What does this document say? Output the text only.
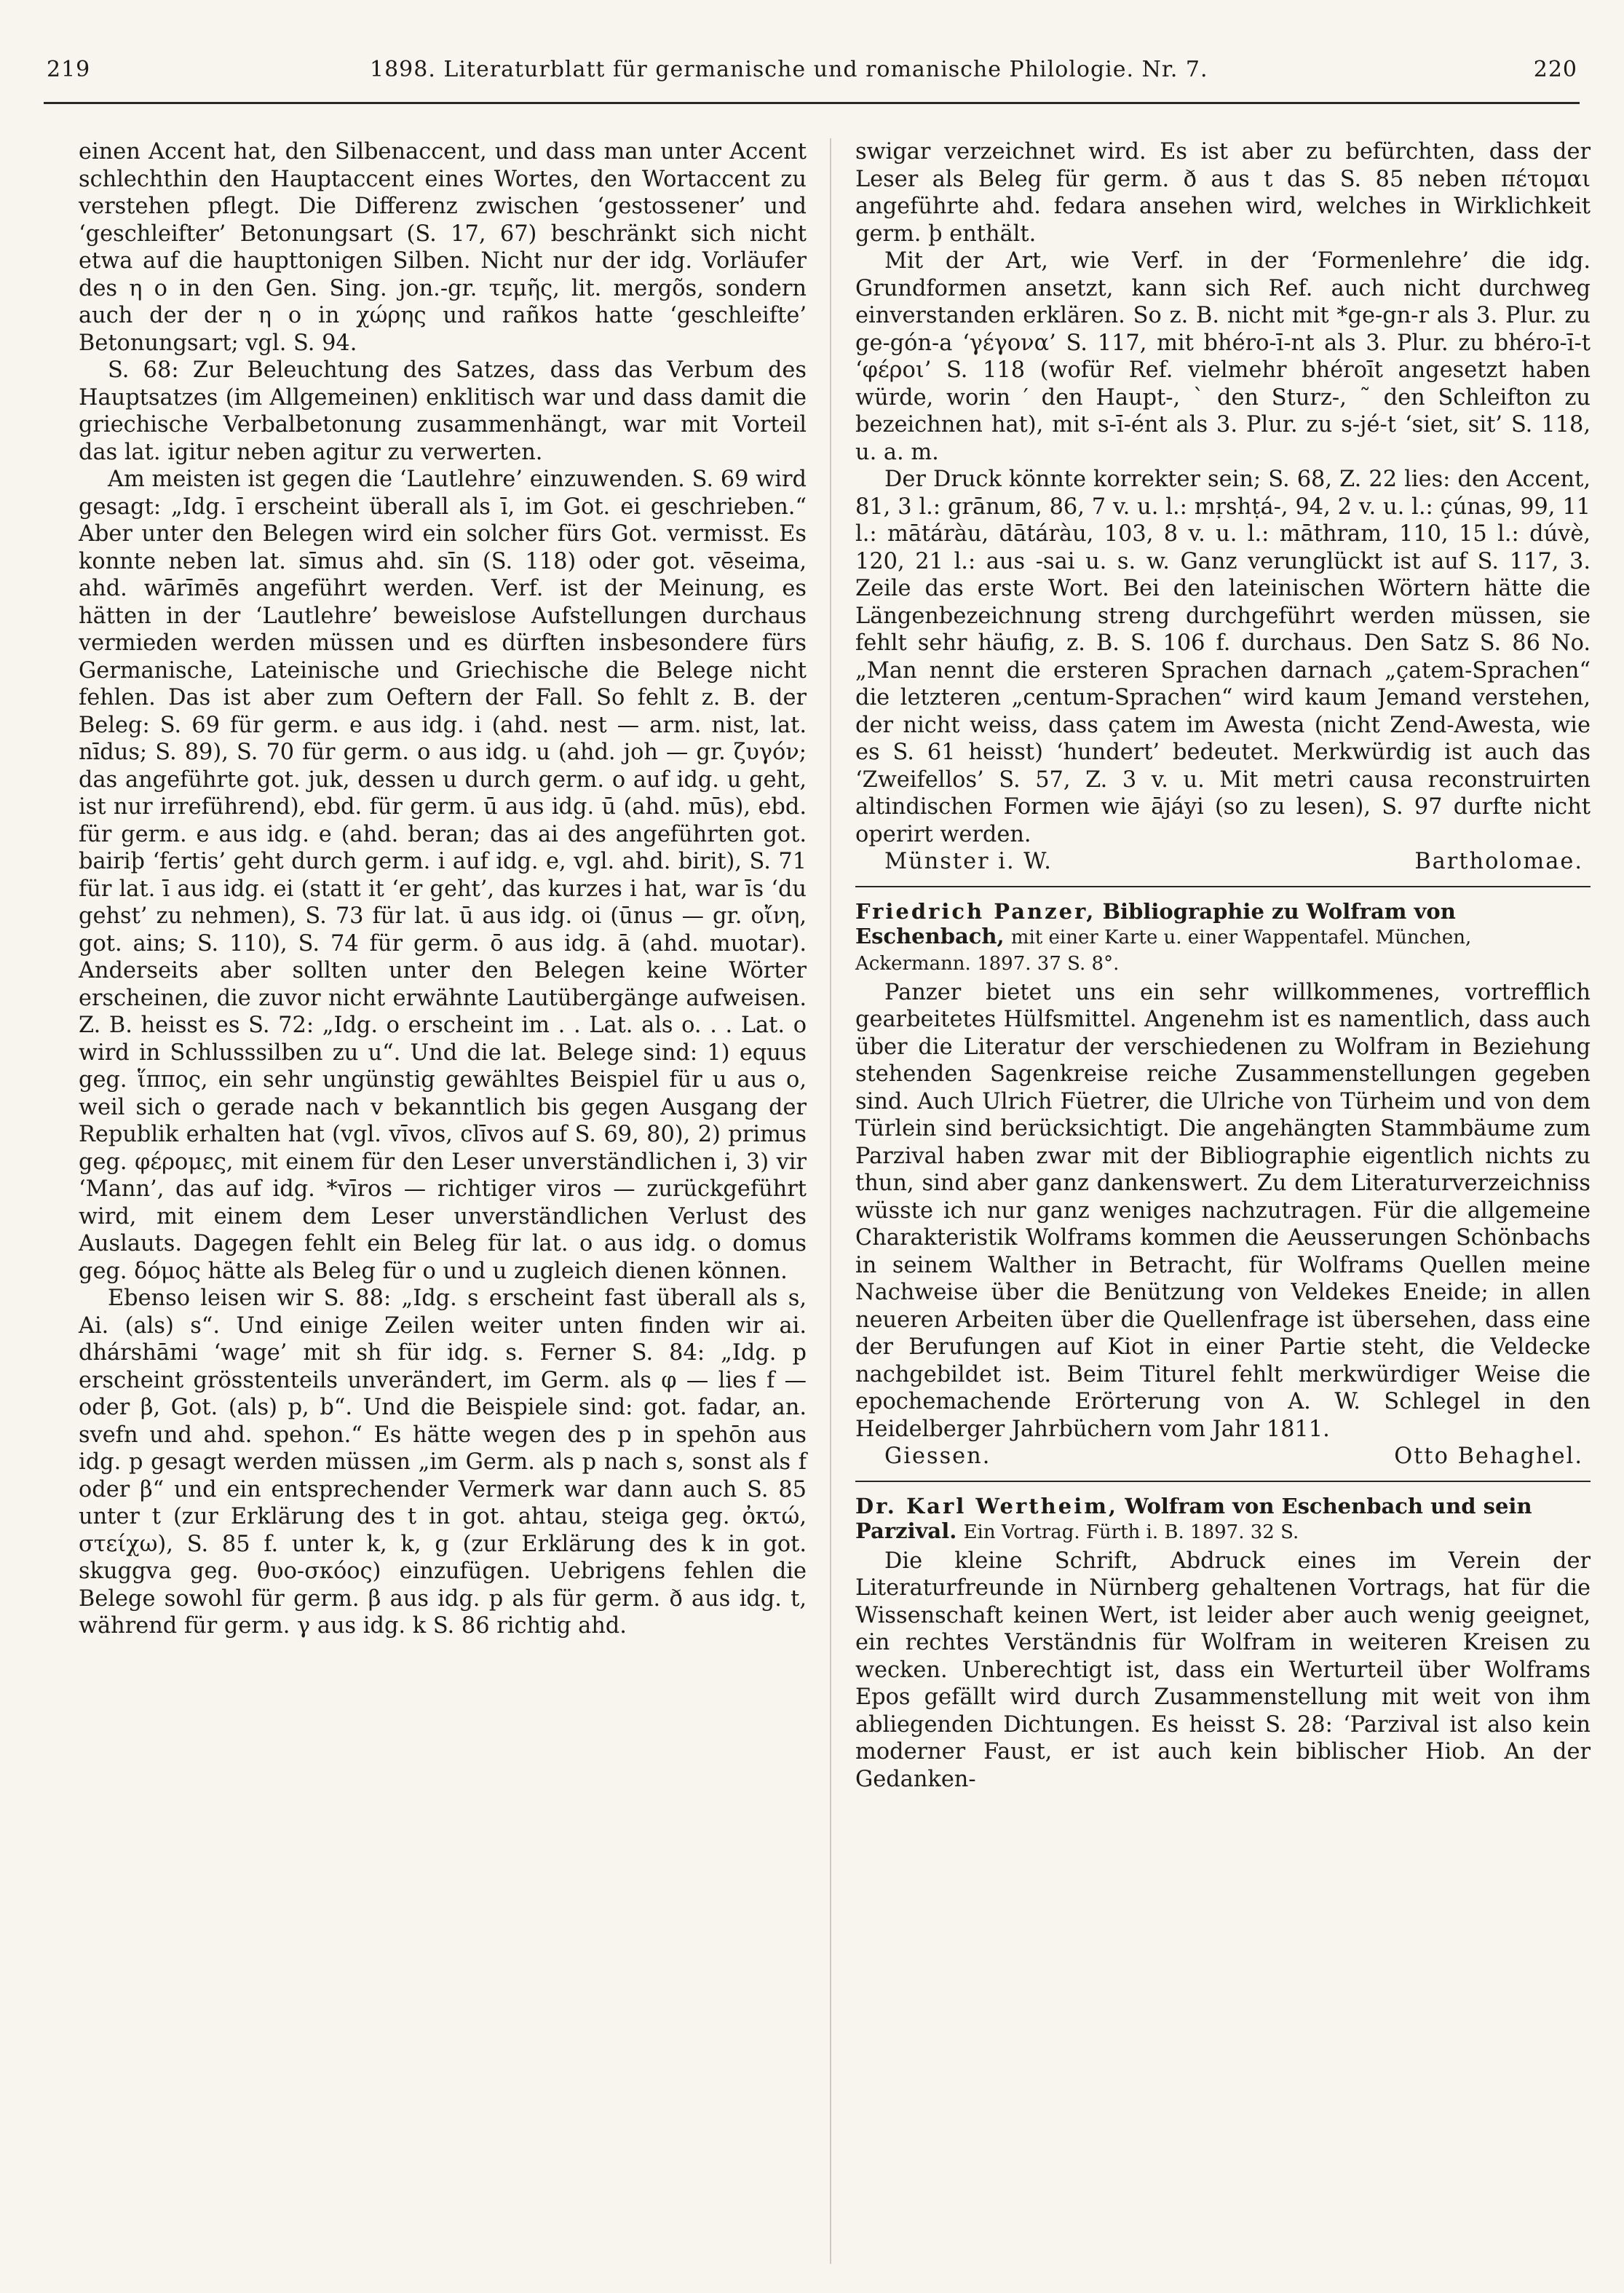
219	1898. Literaturblatt für germanische und romanische Philologie. Nr. 7.	220

einen Accent hat, den Silbenaccent, und dass man unter Accent schlechthin den Hauptaccent eines Wortes, den Wortaccent zu verstehen pflegt. Die Differenz zwischen ‘gestossener’ und ‘geschleifter’ Betonungsart (S. 17, 67) beschränkt sich nicht etwa auf die haupttonigen Silben. Nicht nur der idg. Vorläufer des η o in den Gen. Sing. jon.-gr. τεμῆς, lit. mergõs, sondern auch der der η o in χώρης und rañkos hatte ‘geschleifte’ Betonungsart; vgl. S. 94.

S. 68: Zur Beleuchtung des Satzes, dass das Verbum des Hauptsatzes (im Allgemeinen) enklitisch war und dass damit die griechische Verbalbetonung zusammenhängt, war mit Vorteil das lat. igitur neben agitur zu verwerten.

Am meisten ist gegen die ‘Lautlehre’ einzuwenden. S. 69 wird gesagt: „Idg. ī erscheint überall als ī, im Got. ei geschrieben.“ Aber unter den Belegen wird ein solcher fürs Got. vermisst. Es konnte neben lat. sīmus ahd. sīn (S. 118) oder got. vēseima, ahd. wārīmēs angeführt werden. Verf. ist der Meinung, es hätten in der ‘Lautlehre’ beweislose Aufstellungen durchaus vermieden werden müssen und es dürften insbesondere fürs Germanische, Lateinische und Griechische die Belege nicht fehlen. Das ist aber zum Oeftern der Fall. So fehlt z. B. der Beleg: S. 69 für germ. e aus idg. i (ahd. nest — arm. nist, lat. nīdus; S. 89), S. 70 für germ. o aus idg. u (ahd. joh — gr. ζυγόν; das angeführte got. juk, dessen u durch germ. o auf idg. u geht, ist nur irreführend), ebd. für germ. ū aus idg. ū (ahd. mūs), ebd. für germ. e aus idg. e (ahd. beran; das ai des angeführten got. bairiþ ‘fertis’ geht durch germ. i auf idg. e, vgl. ahd. birit), S. 71 für lat. ī aus idg. ei (statt it ‘er geht’, das kurzes i hat, war īs ‘du gehst’ zu nehmen), S. 73 für lat. ū aus idg. oi (ūnus — gr. οἴνη, got. ains; S. 110), S. 74 für germ. ō aus idg. ā (ahd. muotar). Anderseits aber sollten unter den Belegen keine Wörter erscheinen, die zuvor nicht erwähnte Lautübergänge aufweisen. Z. B. heisst es S. 72: „Idg. o erscheint im . . Lat. als o. . . Lat. o wird in Schlusssilben zu u“. Und die lat. Belege sind: 1) equus geg. ἵππος, ein sehr ungünstig gewähltes Beispiel für u aus o, weil sich o gerade nach v bekanntlich bis gegen Ausgang der Republik erhalten hat (vgl. vīvos, clīvos auf S. 69, 80), 2) primus geg. φέρομες, mit einem für den Leser unverständlichen i, 3) vir ‘Mann’, das auf idg. *vīros — richtiger viros — zurückgeführt wird, mit einem dem Leser unverständlichen Verlust des Auslauts. Dagegen fehlt ein Beleg für lat. o aus idg. o domus geg. δόμος hätte als Beleg für o und u zugleich dienen können.

Ebenso leisen wir S. 88: „Idg. s erscheint fast überall als s, Ai. (als) s“. Und einige Zeilen weiter unten finden wir ai. dhárshāmi ‘wage’ mit sh für idg. s. Ferner S. 84: „Idg. p erscheint grösstenteils unverändert, im Germ. als φ — lies f — oder β, Got. (als) p, b“. Und die Beispiele sind: got. fadar, an. svefn und ahd. spehon.“ Es hätte wegen des p in spehōn aus idg. p gesagt werden müssen „im Germ. als p nach s, sonst als f oder β“ und ein entsprechender Vermerk war dann auch S. 85 unter t (zur Erklärung des t in got. ahtau, steiga geg. ὀκτώ, στείχω), S. 85 f. unter k, k, g (zur Erklärung des k in got. skuggva geg. θυο-σκόος) einzufügen. Uebrigens fehlen die Belege sowohl für germ. β aus idg. p als für germ. ð aus idg. t, während für germ. γ aus idg. k S. 86 richtig ahd.

swigar verzeichnet wird. Es ist aber zu befürchten, dass der Leser als Beleg für germ. ð aus t das S. 85 neben πέτομαι angeführte ahd. fedara ansehen wird, welches in Wirklichkeit germ. þ enthält.

Mit der Art, wie Verf. in der ‘Formenlehre’ die idg. Grundformen ansetzt, kann sich Ref. auch nicht durchweg einverstanden erklären. So z. B. nicht mit *ge-gn-r als 3. Plur. zu ge-gón-a ‘γέγονα’ S. 117, mit bhéro-ī-nt als 3. Plur. zu bhéro-ī-t ‘φέροι’ S. 118 (wofür Ref. vielmehr bhéroīt angesetzt haben würde, worin ′ den Haupt-, ` den Sturz-, ˜ den Schleifton zu bezeichnen hat), mit s-ī-ént als 3. Plur. zu s-jé-t ‘siet, sit’ S. 118, u. a. m.

Der Druck könnte korrekter sein; S. 68, Z. 22 lies: den Accent, 81, 3 l.: grānum, 86, 7 v. u. l.: mṛshṭá-, 94, 2 v. u. l.: çúnas, 99, 11 l.: mātáràu, dātáràu, 103, 8 v. u. l.: māthram, 110, 15 l.: dúvè, 120, 21 l.: aus -sai u. s. w. Ganz verunglückt ist auf S. 117, 3. Zeile das erste Wort. Bei den lateinischen Wörtern hätte die Längenbezeichnung streng durchgeführt werden müssen, sie fehlt sehr häufig, z. B. S. 106 f. durchaus. Den Satz S. 86 No. „Man nennt die ersteren Sprachen darnach „çatem-Sprachen“ die letzteren „centum-Sprachen“ wird kaum Jemand verstehen, der nicht weiss, dass çatem im Awesta (nicht Zend-Awesta, wie es S. 61 heisst) ‘hundert’ bedeutet. Merkwürdig ist auch das ‘Zweifellos’ S. 57, Z. 3 v. u. Mit metri causa reconstruirten altindischen Formen wie ājáyi (so zu lesen), S. 97 durfte nicht operirt werden.

Münster i. W.	Bartholomae.
Friedrich Panzer, Bibliographie zu Wolfram von Eschenbach, mit einer Karte u. einer Wappentafel. München, Ackermann. 1897. 37 S. 8°.

Panzer bietet uns ein sehr willkommenes, vortrefflich gearbeitetes Hülfsmittel. Angenehm ist es namentlich, dass auch über die Literatur der verschiedenen zu Wolfram in Beziehung stehenden Sagenkreise reiche Zusammenstellungen gegeben sind. Auch Ulrich Füetrer, die Ulriche von Türheim und von dem Türlein sind berücksichtigt. Die angehängten Stammbäume zum Parzival haben zwar mit der Bibliographie eigentlich nichts zu thun, sind aber ganz dankenswert. Zu dem Literaturverzeichniss wüsste ich nur ganz weniges nachzutragen. Für die allgemeine Charakteristik Wolframs kommen die Aeusserungen Schönbachs in seinem Walther in Betracht, für Wolframs Quellen meine Nachweise über die Benützung von Veldekes Eneide; in allen neueren Arbeiten über die Quellenfrage ist übersehen, dass eine der Berufungen auf Kiot in einer Partie steht, die Veldecke nachgebildet ist. Beim Titurel fehlt merkwürdiger Weise die epochemachende Erörterung von A. W. Schlegel in den Heidelberger Jahrbüchern vom Jahr 1811.

Giessen.	Otto Behaghel.
Dr. Karl Wertheim, Wolfram von Eschenbach und sein Parzival. Ein Vortrag. Fürth i. B. 1897. 32 S.

Die kleine Schrift, Abdruck eines im Verein der Literaturfreunde in Nürnberg gehaltenen Vortrags, hat für die Wissenschaft keinen Wert, ist leider aber auch wenig geeignet, ein rechtes Verständnis für Wolfram in weiteren Kreisen zu wecken. Unberechtigt ist, dass ein Werturteil über Wolframs Epos gefällt wird durch Zusammenstellung mit weit von ihm abliegenden Dichtungen. Es heisst S. 28: ‘Parzival ist also kein moderner Faust, er ist auch kein biblischer Hiob. An der Gedanken-
